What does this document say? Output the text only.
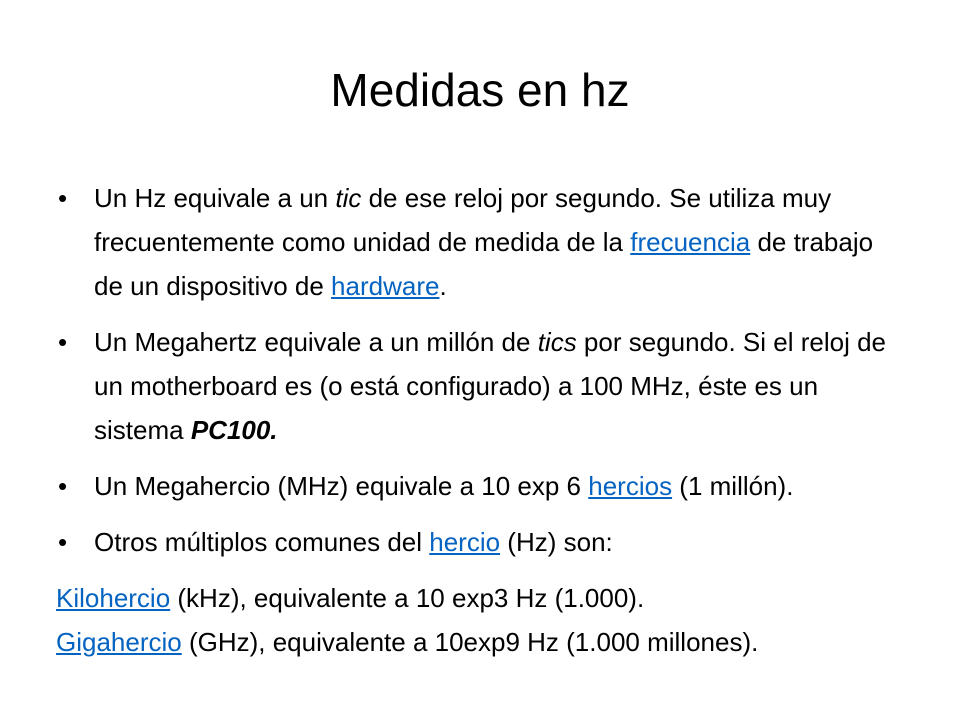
Medidas en hz
•	Un Hz equivale a un tic de ese reloj por segundo. Se utiliza muy frecuentemente como unidad de medida de la frecuencia de trabajo de un dispositivo de hardware.
•	Un Megahertz equivale a un millón de tics por segundo. Si el reloj de un motherboard es (o está configurado) a 100 MHz, éste es un sistema PC100.
•	Un Megahercio (MHz) equivale a 10 exp 6 hercios (1 millón).
•	Otros múltiplos comunes del hercio (Hz) son:

Kilohercio (kHz), equivalente a 10 exp3 Hz (1.000).

Gigahercio (GHz), equivalente a 10exp9 Hz (1.000 millones).
